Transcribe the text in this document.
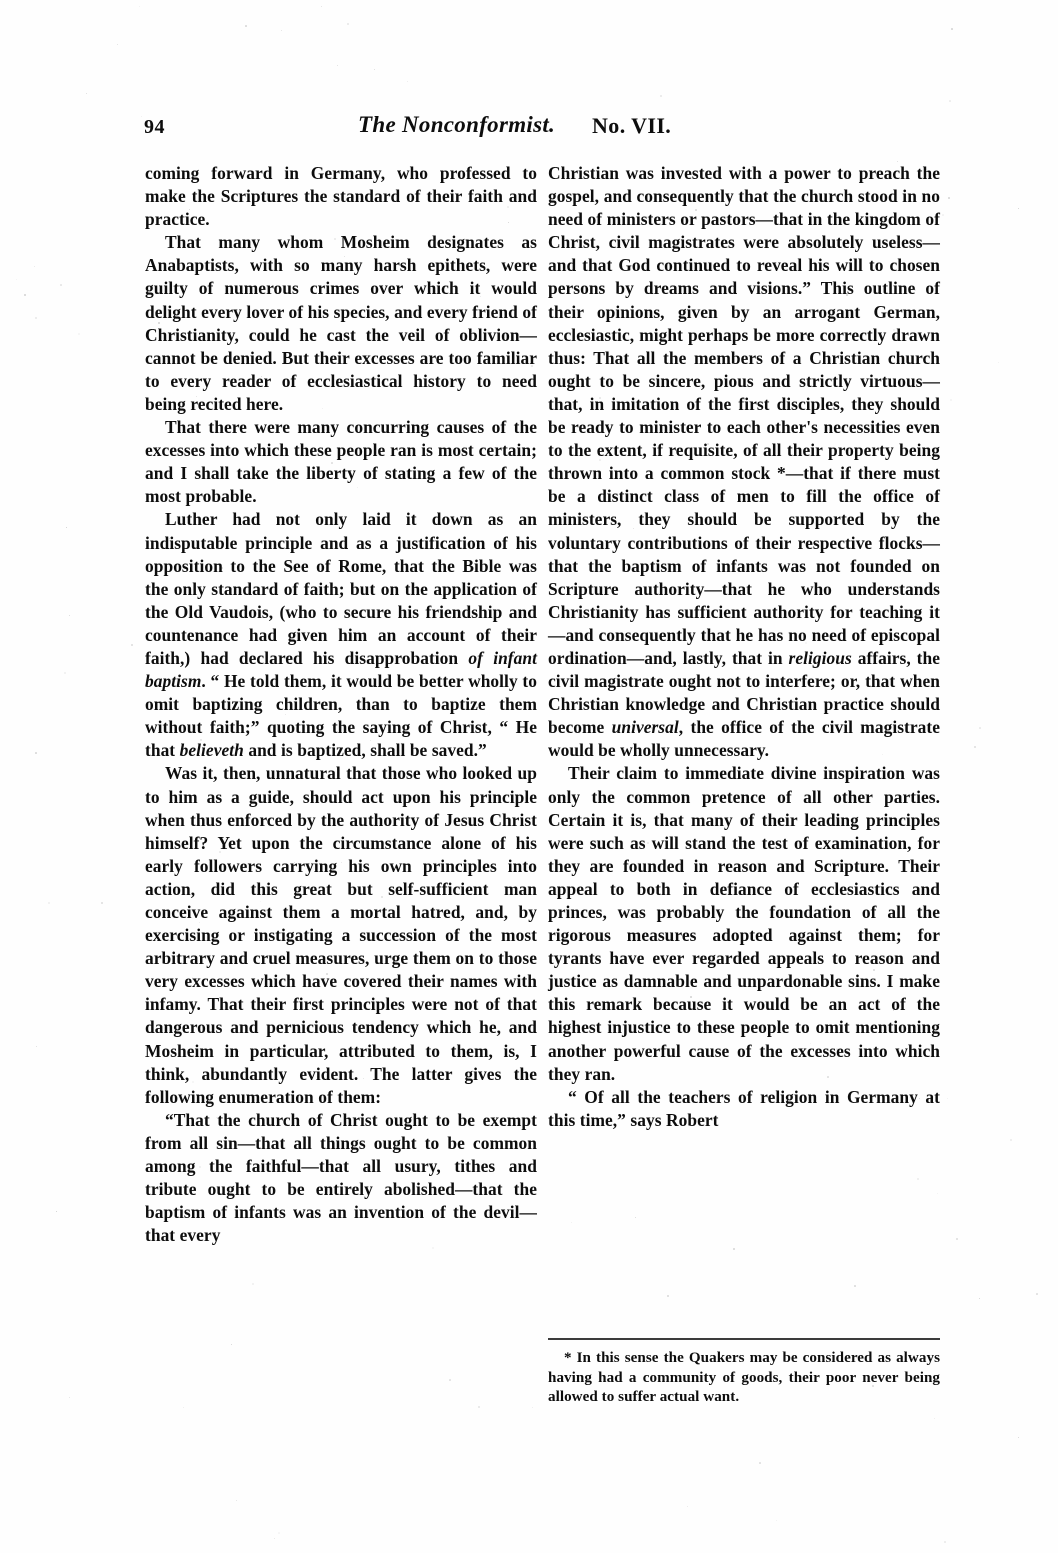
94	The Nonconformist. No. VII.

coming forward in Germany, who professed to make the Scriptures the standard of their faith and practice.

That many whom Mosheim designates as Anabaptists, with so many harsh epithets, were guilty of numerous crimes over which it would delight every lover of his species, and every friend of Christianity, could he cast the veil of oblivion—cannot be denied. But their excesses are too familiar to every reader of ecclesiastical history to need being recited here.

That there were many concurring causes of the excesses into which these people ran is most certain; and I shall take the liberty of stating a few of the most probable.

Luther had not only laid it down as an indisputable principle and as a justification of his opposition to the See of Rome, that the Bible was the only standard of faith; but on the application of the Old Vaudois, (who to secure his friendship and countenance had given him an account of their faith,) had declared his disapprobation of infant baptism. “ He told them, it would be better wholly to omit baptizing children, than to baptize them without faith;” quoting the saying of Christ, “ He that believeth and is baptized, shall be saved.”

Was it, then, unnatural that those who looked up to him as a guide, should act upon his principle when thus enforced by the authority of Jesus Christ himself? Yet upon the circumstance alone of his early followers carrying his own principles into action, did this great but self-sufficient man conceive against them a mortal hatred, and, by exercising or instigating a succession of the most arbitrary and cruel measures, urge them on to those very excesses which have covered their names with infamy. That their first principles were not of that dangerous and pernicious tendency which he, and Mosheim in particular, attributed to them, is, I think, abundantly evident. The latter gives the following enumeration of them:

“That the church of Christ ought to be exempt from all sin—that all things ought to be common among the faithful—that all usury, tithes and tribute ought to be entirely abolished—that the baptism of infants was an invention of the devil—that every

Christian was invested with a power to preach the gospel, and consequently that the church stood in no need of ministers or pastors—that in the kingdom of Christ, civil magistrates were absolutely useless—and that God continued to reveal his will to chosen persons by dreams and visions.” This outline of their opinions, given by an arrogant German, ecclesiastic, might perhaps be more correctly drawn thus: That all the members of a Christian church ought to be sincere, pious and strictly virtuous—that, in imitation of the first disciples, they should be ready to minister to each other's necessities even to the extent, if requisite, of all their property being thrown into a common stock *—that if there must be a distinct class of men to fill the office of ministers, they should be supported by the voluntary contributions of their respective flocks—that the baptism of infants was not founded on Scripture authority—that he who understands Christianity has sufficient authority for teaching it—and consequently that he has no need of episcopal ordination—and, lastly, that in religious affairs, the civil magistrate ought not to interfere; or, that when Christian knowledge and Christian practice should become universal, the office of the civil magistrate would be wholly unnecessary.

Their claim to immediate divine inspiration was only the common pretence of all other parties. Certain it is, that many of their leading principles were such as will stand the test of examination, for they are founded in reason and Scripture. Their appeal to both in defiance of ecclesiastics and princes, was probably the foundation of all the rigorous measures adopted against them; for tyrants have ever regarded appeals to reason and justice as damnable and unpardonable sins. I make this remark because it would be an act of the highest injustice to these people to omit mentioning another powerful cause of the excesses into which they ran.

“ Of all the teachers of religion in Germany at this time,” says Robert

* In this sense the Quakers may be considered as always having had a community of goods, their poor never being allowed to suffer actual want.
